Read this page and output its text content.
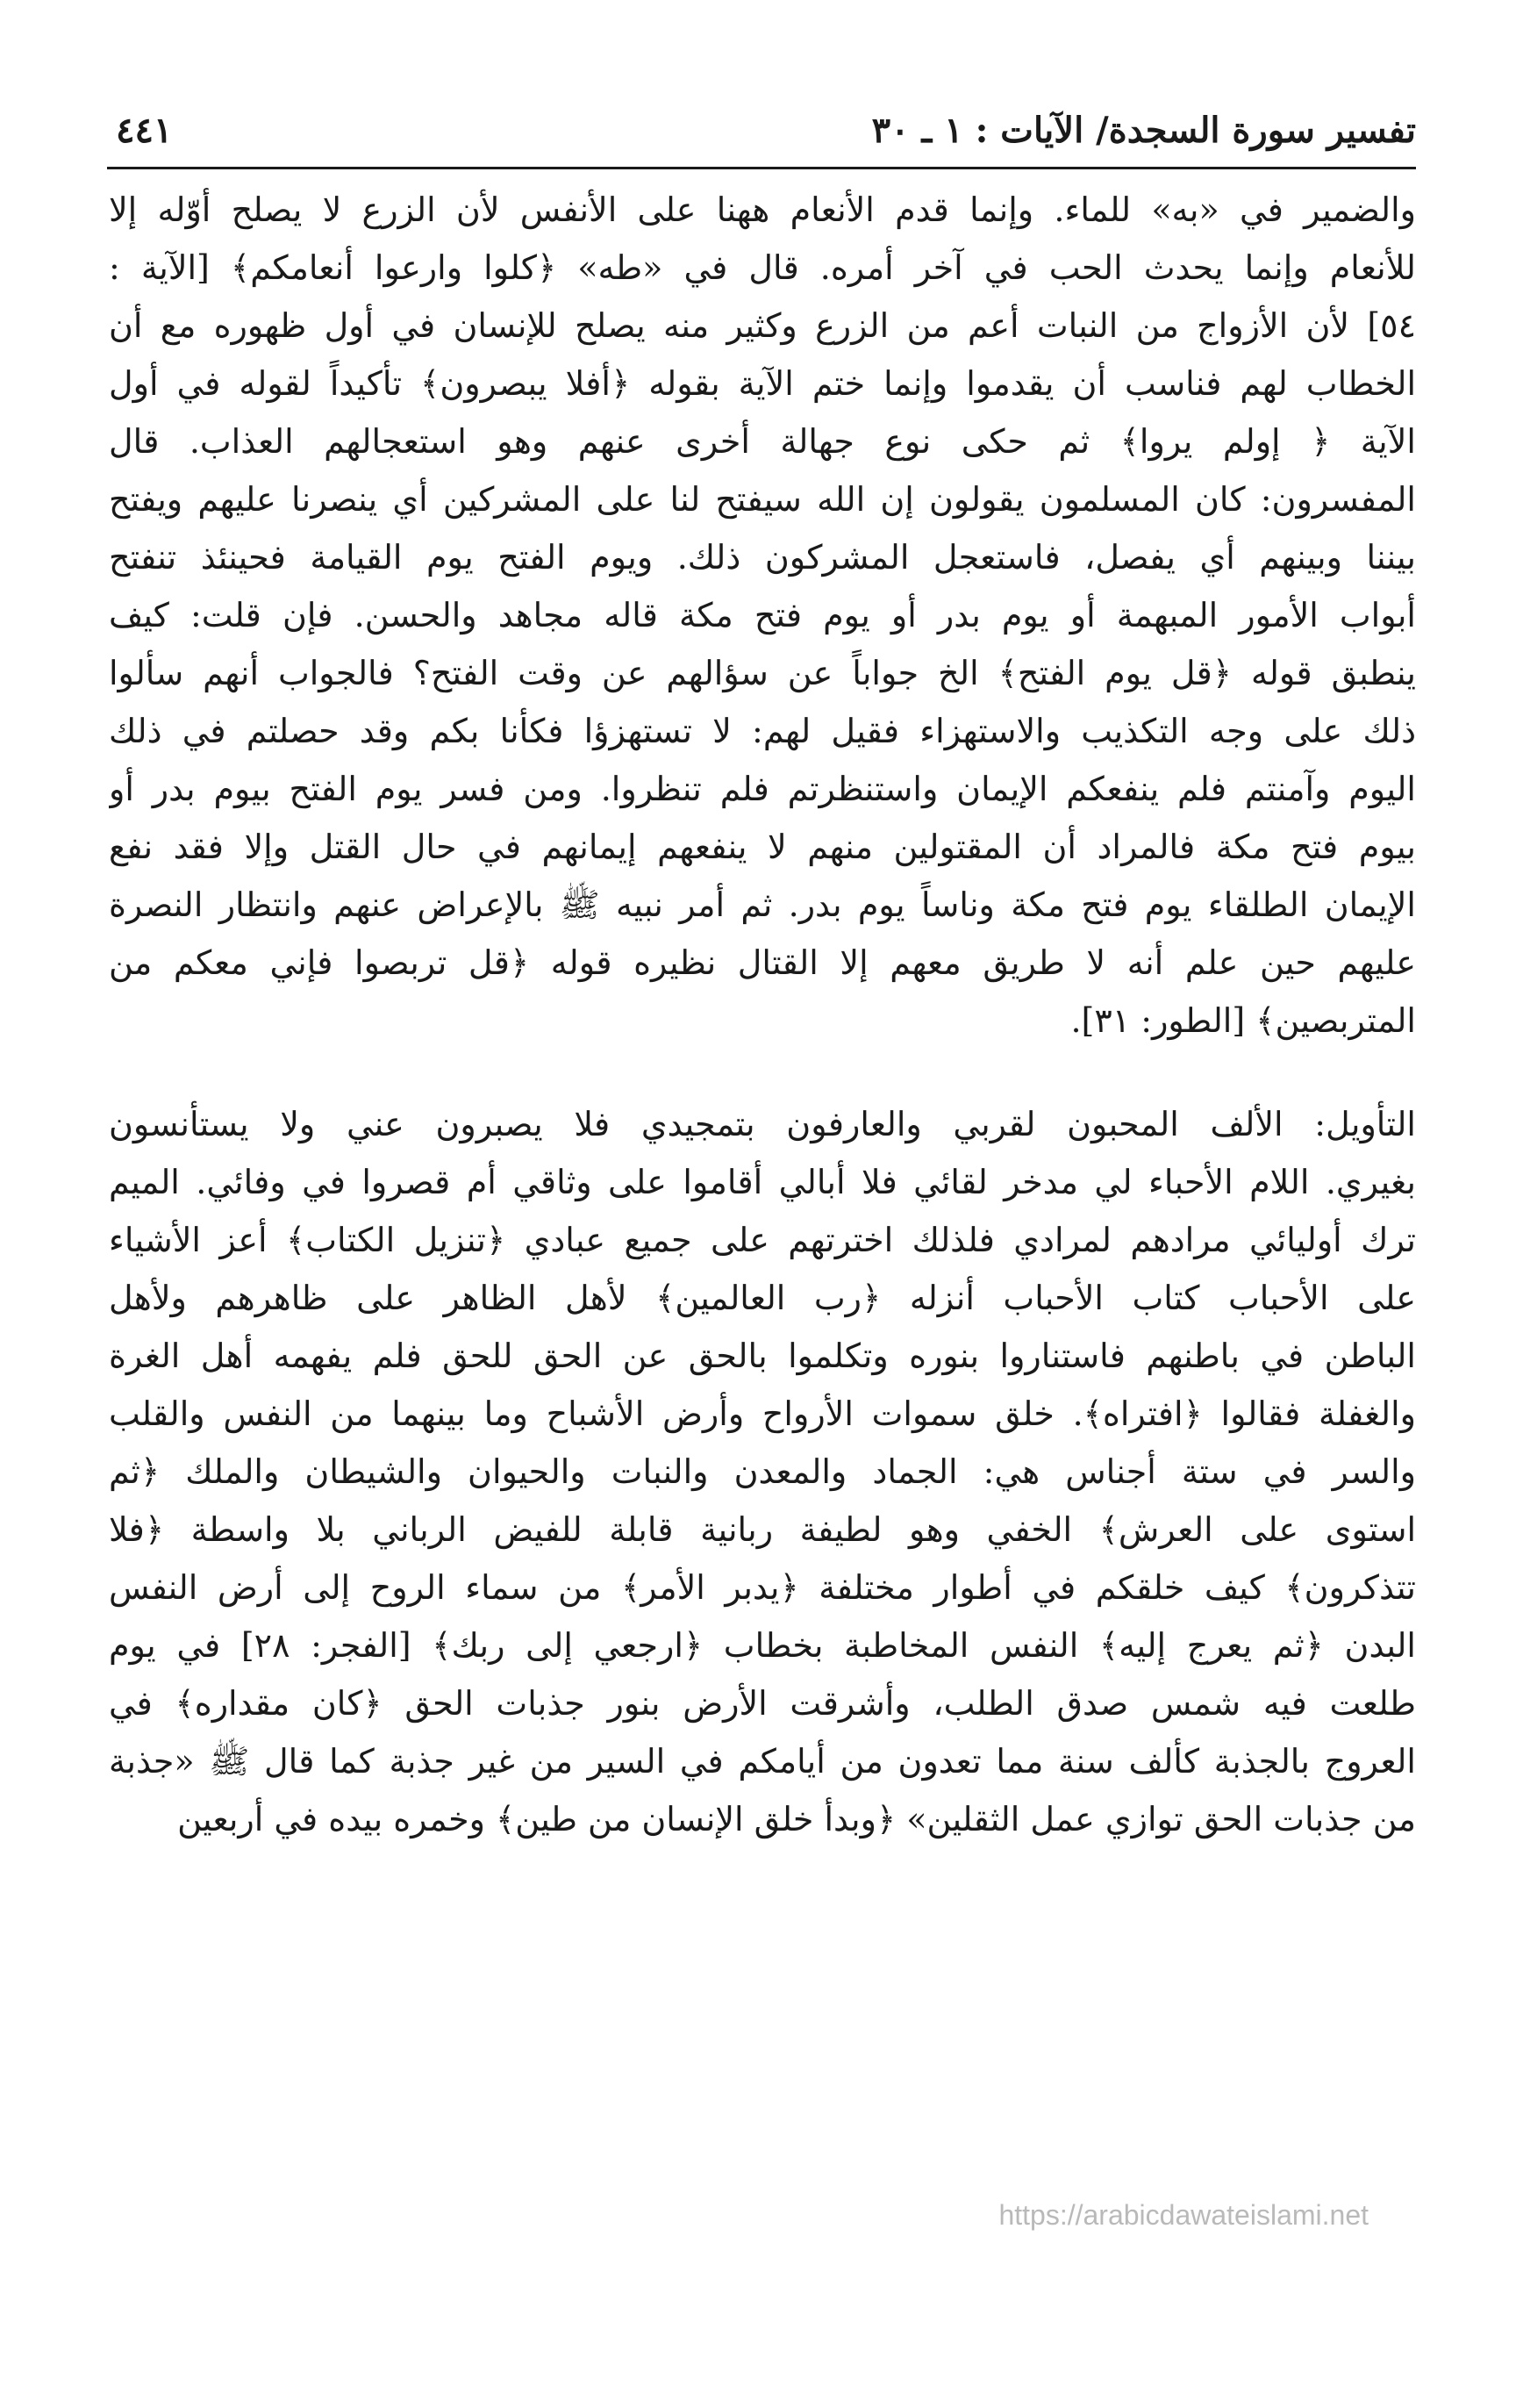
تفسير سورة السجدة/ الآيات : ١ ـ ٣٠
٤٤١
والضمير في «به» للماء. وإنما قدم الأنعام ههنا على الأنفس لأن الزرع لا يصلح أوّله إلا
للأنعام وإنما يحدث الحب في آخر أمره. قال في «طه» ﴿كلوا وارعوا أنعامكم﴾ [الآية :
٥٤] لأن الأزواج من النبات أعم من الزرع وكثير منه يصلح للإنسان في أول ظهوره مع أن
الخطاب لهم فناسب أن يقدموا وإنما ختم الآية بقوله ﴿أفلا يبصرون﴾ تأكيداً لقوله في أول
الآية ﴿ إولم يروا﴾ ثم حكى نوع جهالة أخرى عنهم وهو استعجالهم العذاب. قال
المفسرون: كان المسلمون يقولون إن الله سيفتح لنا على المشركين أي ينصرنا عليهم ويفتح
بيننا وبينهم أي يفصل، فاستعجل المشركون ذلك. ويوم الفتح يوم القيامة فحينئذ تنفتح
أبواب الأمور المبهمة أو يوم بدر أو يوم فتح مكة قاله مجاهد والحسن. فإن قلت: كيف
ينطبق قوله ﴿قل يوم الفتح﴾ الخ جواباً عن سؤالهم عن وقت الفتح؟ فالجواب أنهم سألوا
ذلك على وجه التكذيب والاستهزاء فقيل لهم: لا تستهزؤا فكأنا بكم وقد حصلتم في ذلك
اليوم وآمنتم فلم ينفعكم الإيمان واستنظرتم فلم تنظروا. ومن فسر يوم الفتح بيوم بدر أو
بيوم فتح مكة فالمراد أن المقتولين منهم لا ينفعهم إيمانهم في حال القتل وإلا فقد نفع
الإيمان الطلقاء يوم فتح مكة وناساً يوم بدر. ثم أمر نبيه ﷺ بالإعراض عنهم وانتظار النصرة
عليهم حين علم أنه لا طريق معهم إلا القتال نظيره قوله ﴿قل تربصوا فإني معكم من
المتربصين﴾ [الطور: ٣١].
التأويل: الألف المحبون لقربي والعارفون بتمجيدي فلا يصبرون عني ولا يستأنسون
بغيري. اللام الأحباء لي مدخر لقائي فلا أبالي أقاموا على وثاقي أم قصروا في وفائي. الميم
ترك أوليائي مرادهم لمرادي فلذلك اخترتهم على جميع عبادي ﴿تنزيل الكتاب﴾ أعز الأشياء
على الأحباب كتاب الأحباب أنزله ﴿رب العالمين﴾ لأهل الظاهر على ظاهرهم ولأهل
الباطن في باطنهم فاستناروا بنوره وتكلموا بالحق عن الحق للحق فلم يفهمه أهل الغرة
والغفلة فقالوا ﴿افتراه﴾. خلق سموات الأرواح وأرض الأشباح وما بينهما من النفس والقلب
والسر في ستة أجناس هي: الجماد والمعدن والنبات والحيوان والشيطان والملك ﴿ثم
استوى على العرش﴾ الخفي وهو لطيفة ربانية قابلة للفيض الرباني بلا واسطة ﴿فلا
تتذكرون﴾ كيف خلقكم في أطوار مختلفة ﴿يدبر الأمر﴾ من سماء الروح إلى أرض النفس
البدن ﴿ثم يعرج إليه﴾ النفس المخاطبة بخطاب ﴿ارجعي إلى ربك﴾ [الفجر: ٢٨] في يوم
طلعت فيه شمس صدق الطلب، وأشرقت الأرض بنور جذبات الحق ﴿كان مقداره﴾ في
العروج بالجذبة كألف سنة مما تعدون من أيامكم في السير من غير جذبة كما قال ﷺ «جذبة
من جذبات الحق توازي عمل الثقلين» ﴿وبدأ خلق الإنسان من طين﴾ وخمره بيده في أربعين
https://arabicdawateislami.net
